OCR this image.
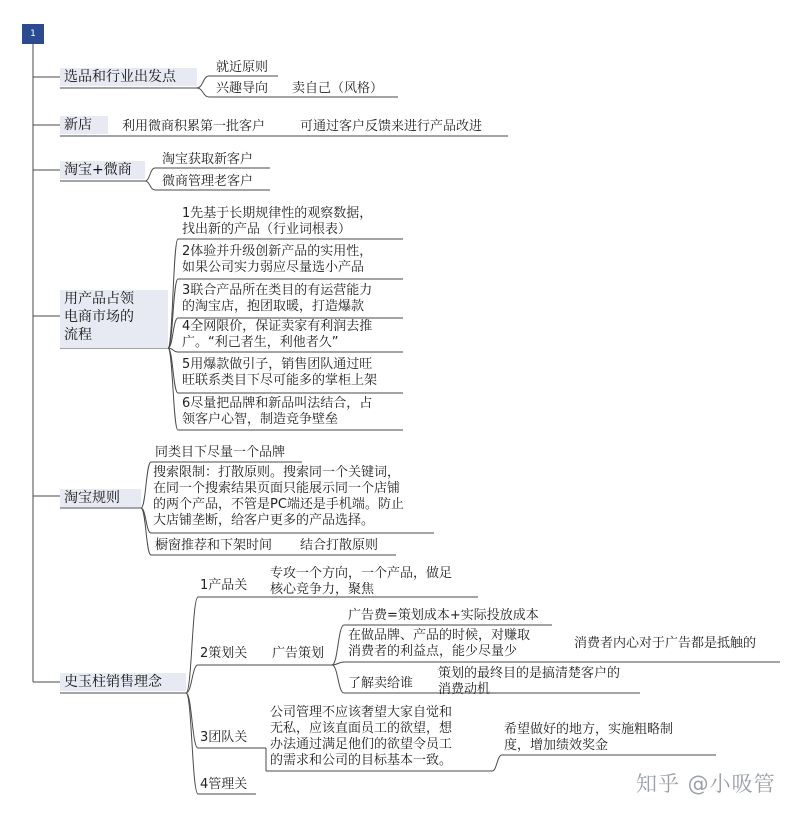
1
选品和行业出发点
就近原则
兴趣导向 卖自己（风格）
新店	利用微商积累第一批客户	可通过客户反馈来进行产品改进
淘宝+微商
淘宝获取新客户
微商管理老客户
用产品占领
电商市场的
流程
1先基于长期规律性的观察数据，
找出新的产品（行业词根表）
2体验并升级创新产品的实用性，
如果公司实力弱应尽量选小产品
3联合产品所在类目的有运营能力
的淘宝店，抱团取暖，打造爆款
4全网限价，保证卖家有利润去推
广。“利己者生，利他者久”
5用爆款做引子，销售团队通过旺
旺联系类目下尽可能多的掌柜上架
6尽量把品牌和新品叫法结合，占
领客户心智，制造竞争壁垒
淘宝规则
同类目下尽量一个品牌
搜索限制：打散原则。搜索同一个关键词，
在同一个搜索结果页面只能展示同一个店铺
的两个产品，不管是PC端还是手机端。防止
大店铺垄断，给客户更多的产品选择。
橱窗推荐和下架时间 结合打散原则
史玉柱销售理念
1产品关
专攻一个方向，一个产品，做足
核心竞争力，聚焦
2策划关 广告策划
广告费=策划成本+实际投放成本
在做品牌、产品的时候，对赚取
消费者的利益点，能少尽量少
消费者内心对于广告都是抵触的
了解卖给谁
策划的最终目的是搞清楚客户的
消费动机
3团队关
公司管理不应该奢望大家自觉和
无私，应该直面员工的欲望，想
办法通过满足他们的欲望令员工
的需求和公司的目标基本一致。
希望做好的地方，实施粗略制
度，增加绩效奖金
4管理关	知乎 @小吸管
